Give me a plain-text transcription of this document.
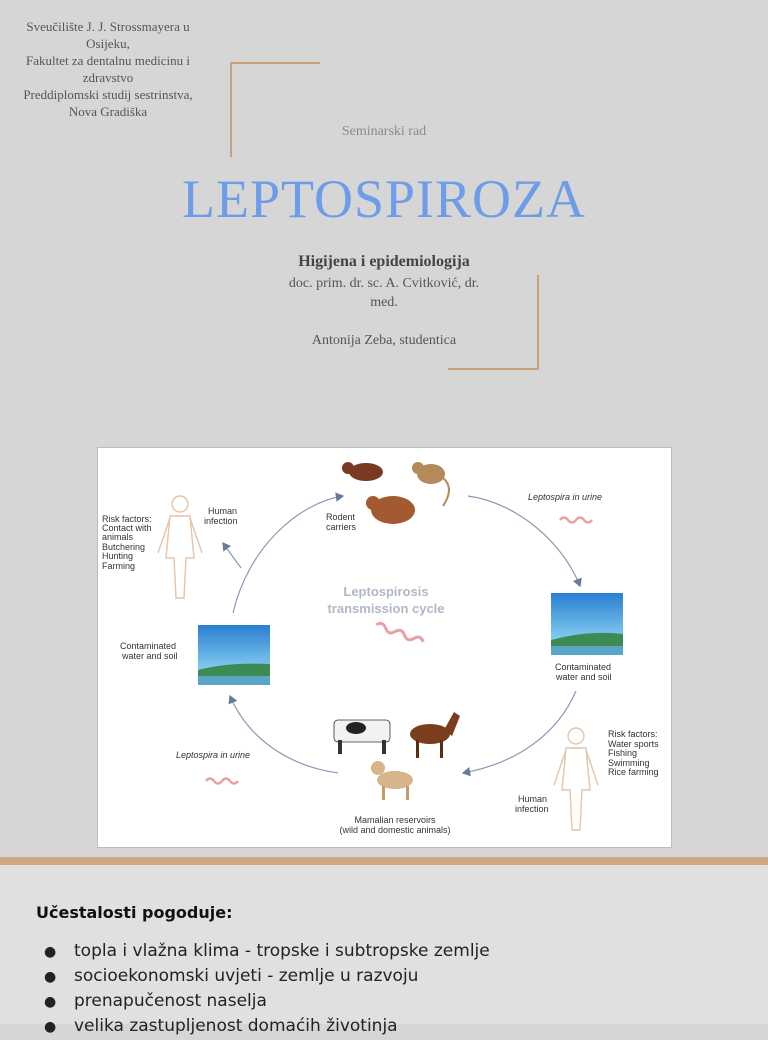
Sveučilište J. J. Strossmayera u
Osijeku,
Fakultet za dentalnu medicinu i
zdravstvo
Preddiplomski studij sestrinstva,
Nova Gradiška
Seminarski rad
LEPTOSPIROZA
Higijena i epidemiologija
doc. prim. dr. sc. A. Cvitković, dr.
med.
Antonija Zeba, studentica
Leptospirosis
transmission cycle
Rodent
carriers
Leptospira in urine
Human
infection
Risk factors:
Contact with
animals
Butchering
Hunting
Farming
Contaminated
water and soil
Contaminated
water and soil
Risk factors:
Water sports
Fishing
Swimming
Rice farming
Human
infection
Leptospira in urine
Mamalian reservoirs
(wild and domestic animals)
Učestalosti pogoduje:
● topla i vlažna klima - tropske i subtropske zemlje
● socioekonomski uvjeti - zemlje u razvoju
● prenapučenost naselja
● velika zastupljenost domaćih životinja
